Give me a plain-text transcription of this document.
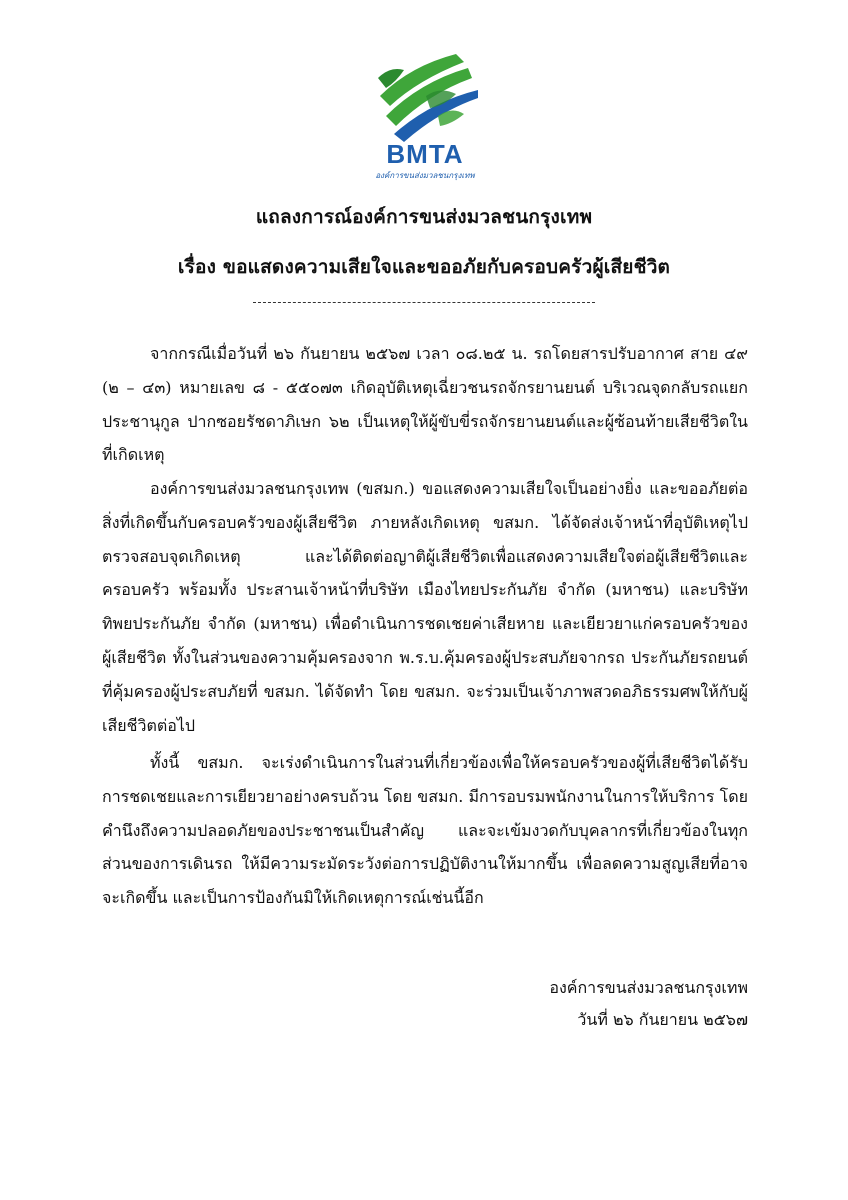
BMTA
องค์การขนส่งมวลชนกรุงเทพ
แถลงการณ์องค์การขนส่งมวลชนกรุงเทพ
เรื่อง ขอแสดงความเสียใจและขออภัยกับครอบครัวผู้เสียชีวิต

จากกรณีเมื่อวันที่ ๒๖ กันยายน ๒๕๖๗ เวลา ๐๘.๒๕ น. รถโดยสารปรับอากาศ สาย ๔๙ (๒ – ๔๓) หมายเลข ๘ - ๕๕๐๗๓ เกิดอุบัติเหตุเฉี่ยวชนรถจักรยานยนต์ บริเวณจุดกลับรถแยกประชานุกูล ปากซอยรัชดาภิเษก ๖๒ เป็นเหตุให้ผู้ขับขี่รถจักรยานยนต์และผู้ซ้อนท้ายเสียชีวิตในที่เกิดเหตุ

องค์การขนส่งมวลชนกรุงเทพ (ขสมก.) ขอแสดงความเสียใจเป็นอย่างยิ่ง และขออภัยต่อสิ่งที่เกิดขึ้นกับครอบครัวของผู้เสียชีวิต ภายหลังเกิดเหตุ ขสมก. ได้จัดส่งเจ้าหน้าที่อุบัติเหตุไปตรวจสอบจุดเกิดเหตุ และได้ติดต่อญาติผู้เสียชีวิตเพื่อแสดงความเสียใจต่อผู้เสียชีวิตและครอบครัว พร้อมทั้ง ประสานเจ้าหน้าที่บริษัท เมืองไทยประกันภัย จำกัด (มหาชน) และบริษัททิพยประกันภัย จำกัด (มหาชน) เพื่อดำเนินการชดเชยค่าเสียหาย และเยียวยาแก่ครอบครัวของผู้เสียชีวิต ทั้งในส่วนของความคุ้มครองจาก พ.ร.บ.คุ้มครองผู้ประสบภัยจากรถ ประกันภัยรถยนต์ที่คุ้มครองผู้ประสบภัยที่ ขสมก. ได้จัดทำ โดย ขสมก. จะร่วมเป็นเจ้าภาพสวดอภิธรรมศพให้กับผู้เสียชีวิตต่อไป

ทั้งนี้ ขสมก. จะเร่งดำเนินการในส่วนที่เกี่ยวข้องเพื่อให้ครอบครัวของผู้ที่เสียชีวิตได้รับการชดเชยและการเยียวยาอย่างครบถ้วน โดย ขสมก. มีการอบรมพนักงานในการให้บริการ โดยคำนึงถึงความปลอดภัยของประชาชนเป็นสำคัญ และจะเข้มงวดกับบุคลากรที่เกี่ยวข้องในทุกส่วนของการเดินรถ ให้มีความระมัดระวังต่อการปฏิบัติงานให้มากขึ้น เพื่อลดความสูญเสียที่อาจจะเกิดขึ้น และเป็นการป้องกันมิให้เกิดเหตุการณ์เช่นนี้อีก

องค์การขนส่งมวลชนกรุงเทพ
วันที่ ๒๖ กันยายน ๒๕๖๗
